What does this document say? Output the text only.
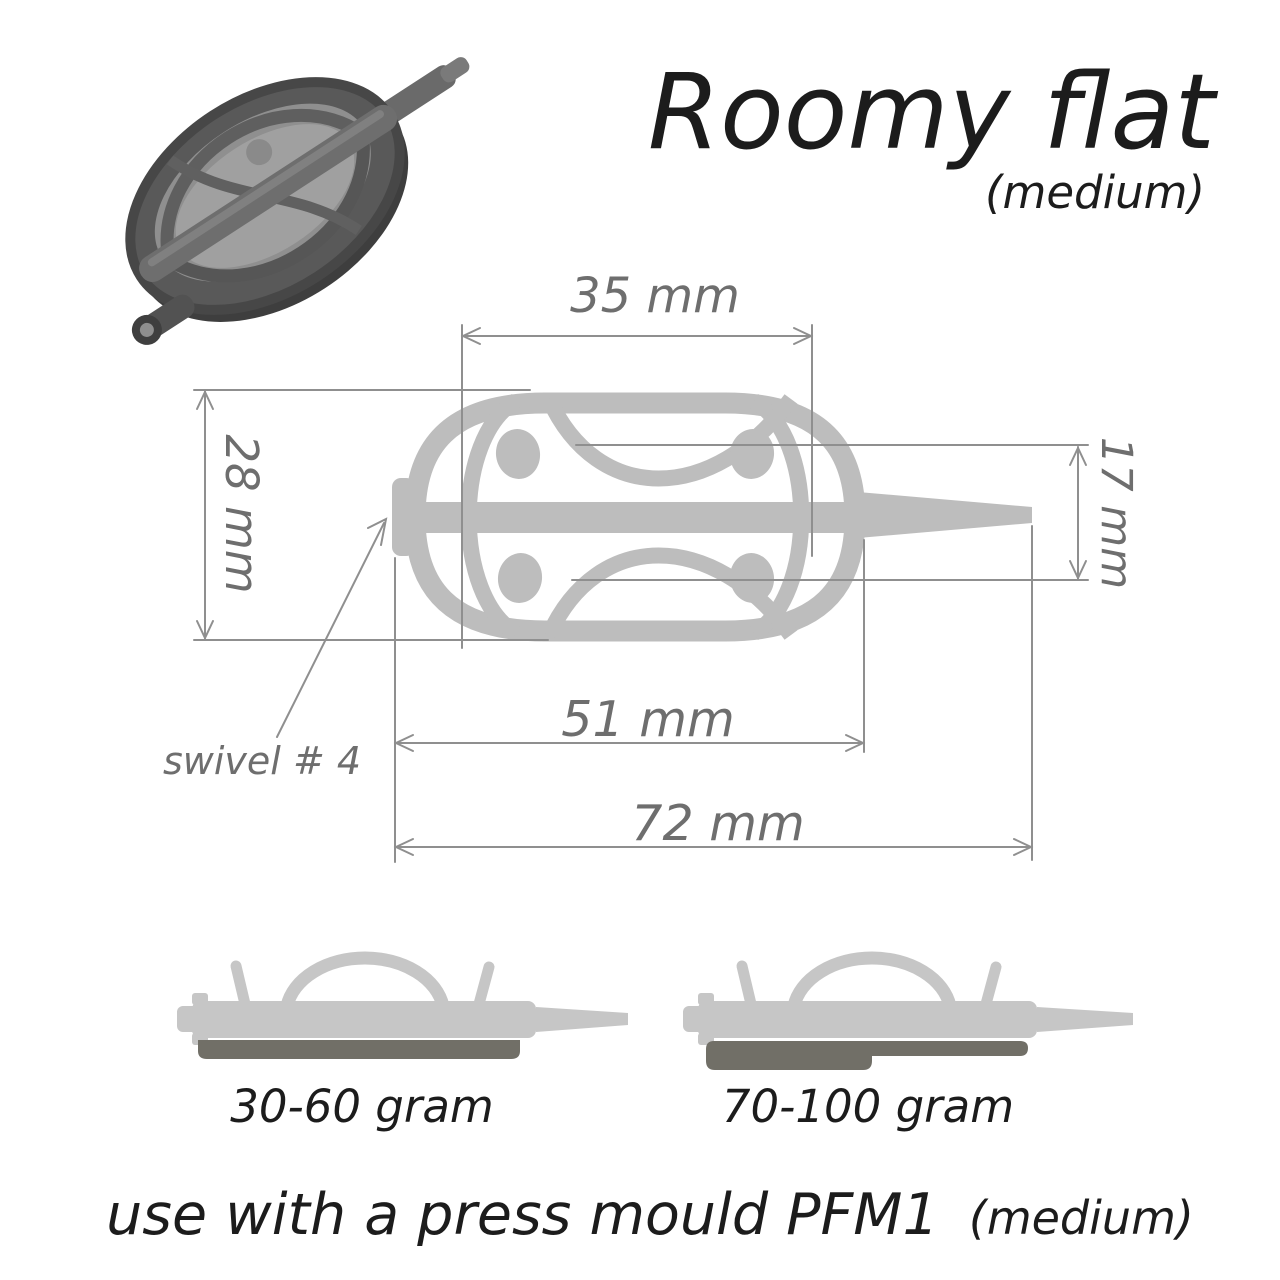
Roomy flat
(medium)
35 mm
28 mm	17 mm
51 mm
72 mm
swivel # 4
30-60 gram	70-100 gram
use with a press mould PFM1 (medium)
